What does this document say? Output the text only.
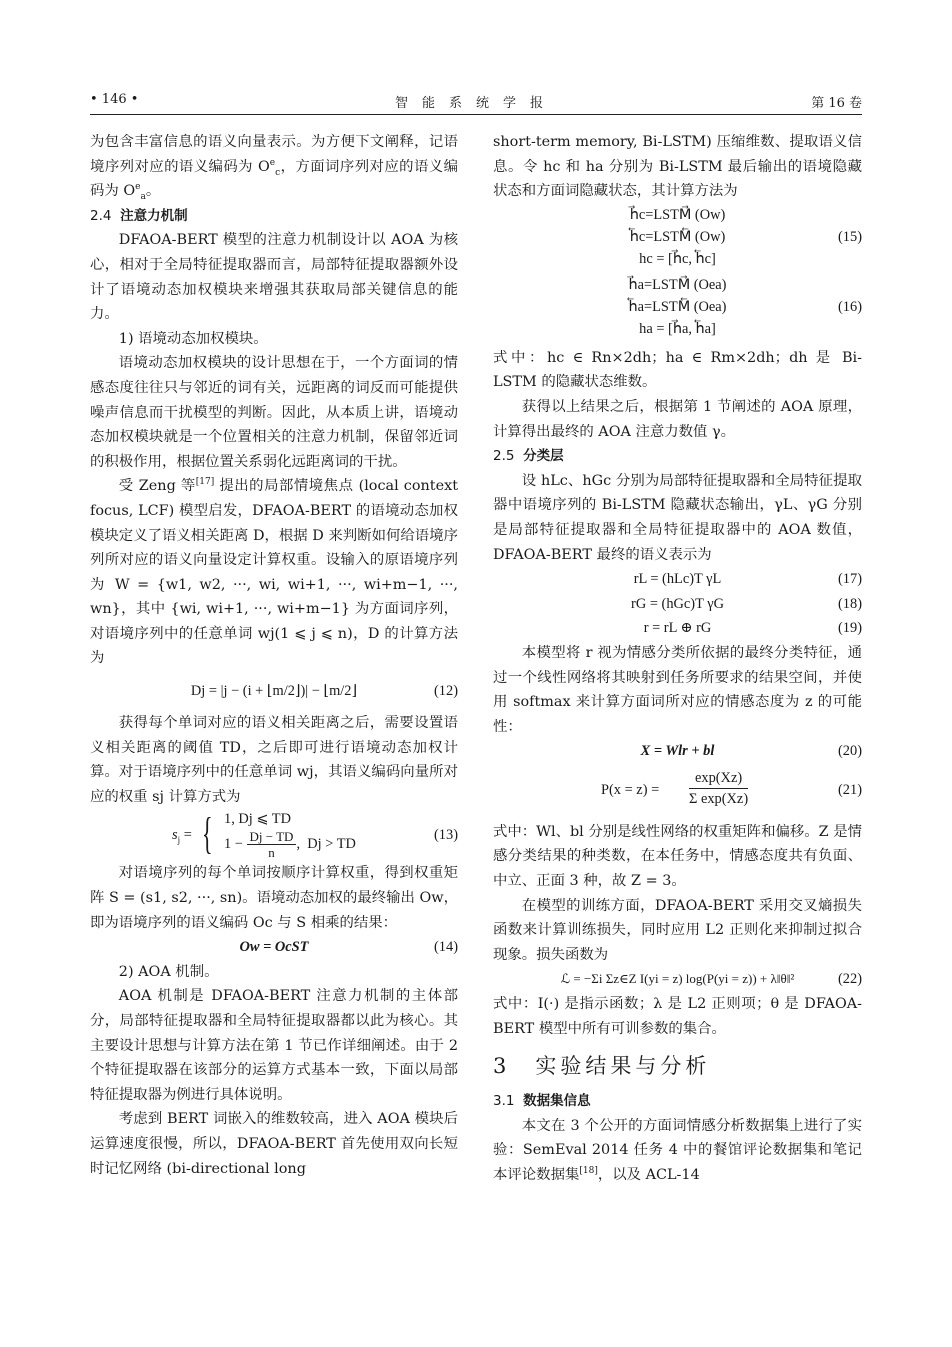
• 146 •	智能系统学报	第 16 卷

为包含丰富信息的语义向量表示。为方便下文阐释，记语境序列对应的语义编码为 $O^e_c$，方面词序列对应的语义编码为 $O^e_a$。

2.4 注意力机制

DFAOA-BERT 模型的注意力机制设计以 AOA 为核心，相对于全局特征提取器而言，局部特征提取器额外设计了语境动态加权模块来增强其获取局部关键信息的能力。

1) 语境动态加权模块。

语境动态加权模块的设计思想在于，一个方面词的情感态度往往只与邻近的词有关，远距离的词反而可能提供噪声信息而干扰模型的判断。因此，从本质上讲，语境动态加权模块就是一个位置相关的注意力机制，保留邻近词的积极作用，根据位置关系弱化远距离词的干扰。

受 Zeng 等[17] 提出的局部情境焦点 (local context focus, LCF) 模型启发，DFAOA-BERT 的语境动态加权模块定义了语义相关距离 D，根据 D 来判断如何给语境序列所对应的语义向量设定计算权重。设输入的原语境序列为 W = {w1, w2, ···, wi, wi+1, ···, wi+m−1, ···, wn}，其中 {wi, wi+1, ···, wi+m−1} 为方面词序列，对语境序列中的任意单词 wj(1 ⩽ j ⩽ n)，D 的计算方法为

Dj = |j − (i + ⌊m/2⌋)| − ⌊m/2⌋	(12)

获得每个单词对应的语义相关距离之后，需要设置语义相关距离的阈值 TD，之后即可进行语境动态加权计算。对于语境序列中的任意单词 wj，其语义编码向量所对应的权重 sj 计算方式为

$s_j$ = { 1, Dj ⩽ TD
$1 - \frac{Dj - TD}{n}$ ,  Dj > TD
(13)

对语境序列的每个单词按顺序计算权重，得到权重矩阵 S = (s1, s2, ···, sn)。语境动态加权的最终输出 Ow，即为语境序列的语义编码 Oc 与 S 相乘的结果：

Ow = OcST	(14)

2) AOA 机制。

AOA 机制是 DFAOA-BERT 注意力机制的主体部分，局部特征提取器和全局特征提取器都以此为核心。其主要设计思想与计算方法在第 1 节已作详细阐述。由于 2 个特征提取器在该部分的运算方式基本一致，下面以局部特征提取器为例进行具体说明。

考虑到 BERT 词嵌入的维数较高，进入 AOA 模块后运算速度很慢，所以，DFAOA-BERT 首先使用双向长短时记忆网络 (bi-directional long

short-term memory, Bi-LSTM) 压缩维数、提取语义信息。令 hc 和 ha 分别为 Bi-LSTM 最后输出的语境隐藏状态和方面词隐藏状态，其计算方法为

h⃗c=LSTM⃗ (Ow)
h⃖c=LSTM⃖ (Ow)
hc = [h⃗c, h⃖c]
(15)
h⃗a=LSTM⃗ (Oea)
h⃖a=LSTM⃖ (Oea)
ha = [h⃗a, h⃖a]
(16)

式中：hc ∈ Rn×2dh；ha ∈ Rm×2dh；dh 是 Bi-LSTM 的隐藏状态维数。

获得以上结果之后，根据第 1 节阐述的 AOA 原理，计算得出最终的 AOA 注意力数值 γ。

2.5 分类层

设 hLc、hGc 分别为局部特征提取器和全局特征提取器中语境序列的 Bi-LSTM 隐藏状态输出，γL、γG 分别是局部特征提取器和全局特征提取器中的 AOA 数值，DFAOA-BERT 最终的语义表示为

rL = (hLc)T γL	(17)
rG = (hGc)T γG	(18)
r = rL ⊕ rG	(19)

本模型将 r 视为情感分类所依据的最终分类特征，通过一个线性网络将其映射到任务所要求的结果空间，并使用 softmax 来计算方面词所对应的情感态度为 z 的可能性：

X = Wlr + bl	(20)
P(x = z) =
exp(Xz)
Σ exp(Xz)
(21)

式中：Wl、bl 分别是线性网络的权重矩阵和偏移。Z 是情感分类结果的种类数，在本任务中，情感态度共有负面、中立、正面 3 种，故 Z = 3。

在模型的训练方面，DFAOA-BERT 采用交叉熵损失函数来计算训练损失，同时应用 L2 正则化来抑制过拟合现象。损失函数为

ℒ = −Σi Σz∈Z I(yi = z) log(P(yi = z)) + λ‖θ‖²	(22)

式中：I(·) 是指示函数；λ 是 L2 正则项；θ 是 DFAOA-BERT 模型中所有可训参数的集合。

3　实验结果与分析

3.1 数据集信息

本文在 3 个公开的方面词情感分析数据集上进行了实验：SemEval 2014 任务 4 中的餐馆评论数据集和笔记本评论数据集[18]，以及 ACL-14
